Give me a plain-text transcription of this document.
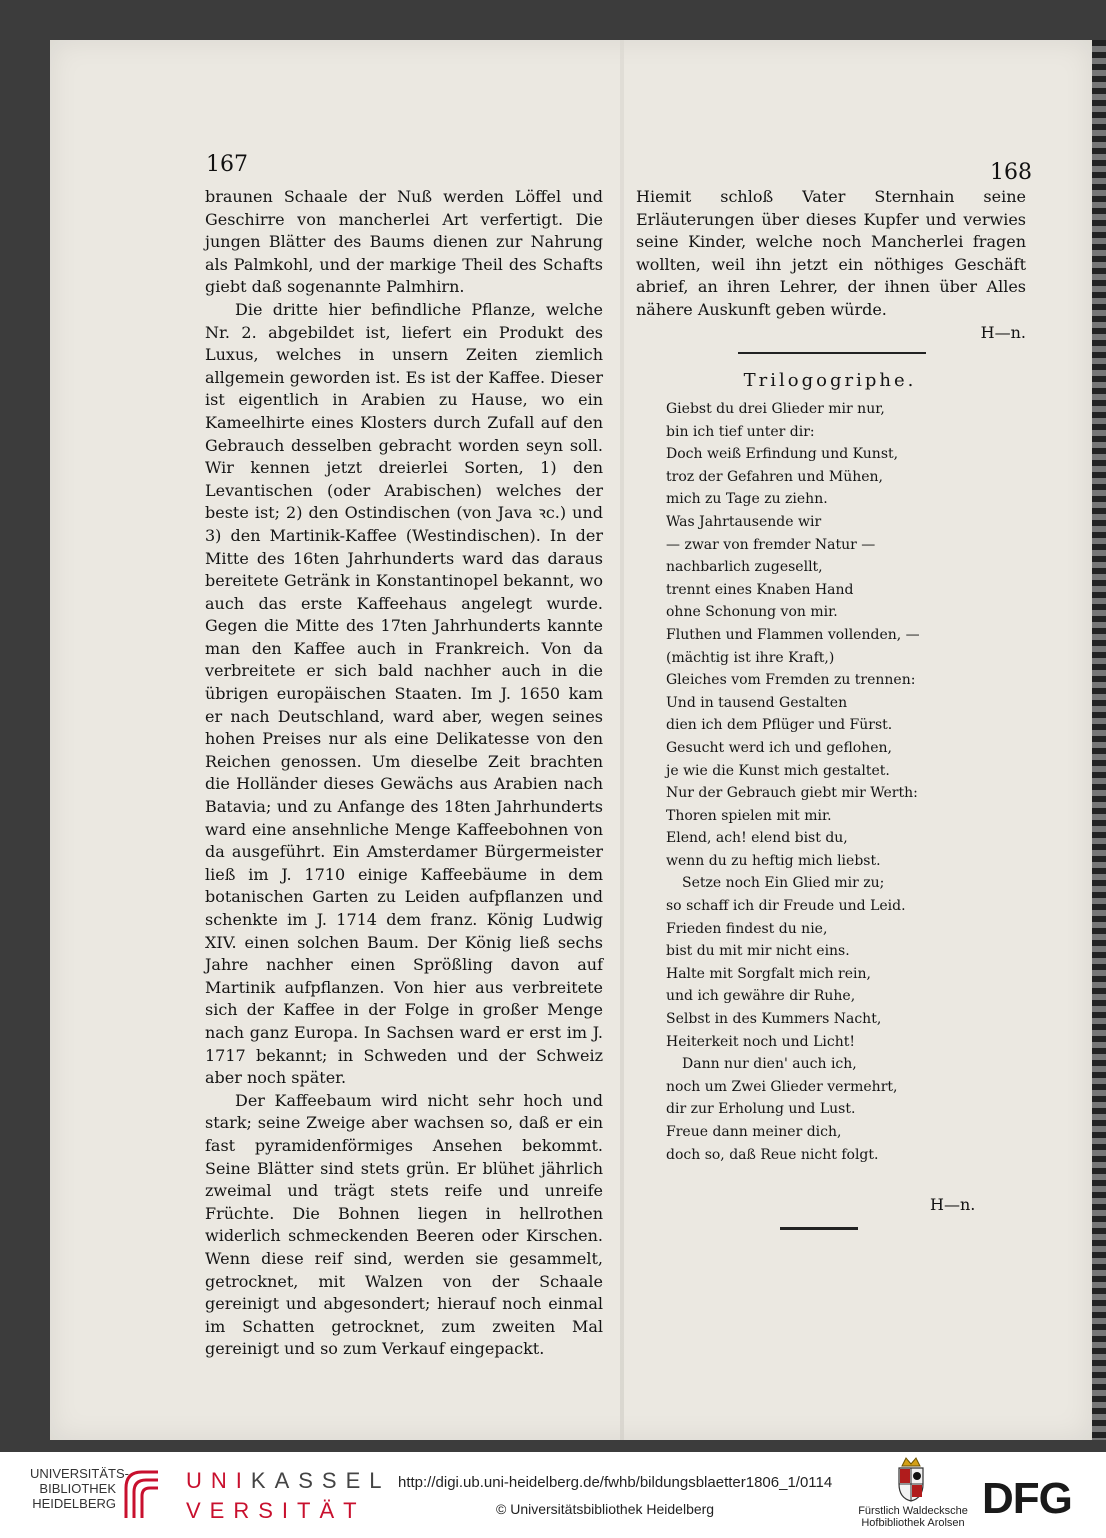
167	168

braunen Schaale der Nuß werden Löffel und Geschirre von mancherlei Art verfertigt. Die jungen Blätter des Baums dienen zur Nahrung als Palmkohl, und der markige Theil des Schafts giebt daß sogenannte Palmhirn.

Die dritte hier befindliche Pflanze, welche Nr. 2. abgebildet ist, liefert ein Produkt des Luxus, welches in unsern Zeiten ziemlich allgemein geworden ist. Es ist der Kaffee. Dieser ist eigentlich in Arabien zu Hause, wo ein Kameelhirte eines Klosters durch Zufall auf den Gebrauch desselben gebracht worden seyn soll. Wir kennen jetzt dreierlei Sorten, 1) den Levantischen (oder Arabischen) welches der beste ist; 2) den Ostindischen (von Java ꝛc.) und 3) den Martinik-Kaffee (Westindischen). In der Mitte des 16ten Jahrhunderts ward das daraus bereitete Getränk in Konstantinopel bekannt, wo auch das erste Kaffeehaus angelegt wurde. Gegen die Mitte des 17ten Jahrhunderts kannte man den Kaffee auch in Frankreich. Von da verbreitete er sich bald nachher auch in die übrigen europäischen Staaten. Im J. 1650 kam er nach Deutschland, ward aber, wegen seines hohen Preises nur als eine Delikatesse von den Reichen genossen. Um dieselbe Zeit brachten die Holländer dieses Gewächs aus Arabien nach Batavia; und zu Anfange des 18ten Jahrhunderts ward eine ansehnliche Menge Kaffeebohnen von da ausgeführt. Ein Amsterdamer Bürgermeister ließ im J. 1710 einige Kaffeebäume in dem botanischen Garten zu Leiden aufpflanzen und schenkte im J. 1714 dem franz. König Ludwig XIV. einen solchen Baum. Der König ließ sechs Jahre nachher einen Sprößling davon auf Martinik aufpflanzen. Von hier aus verbreitete sich der Kaffee in der Folge in großer Menge nach ganz Europa. In Sachsen ward er erst im J. 1717 bekannt; in Schweden und der Schweiz aber noch später.

Der Kaffeebaum wird nicht sehr hoch und stark; seine Zweige aber wachsen so, daß er ein fast pyramidenförmiges Ansehen bekommt. Seine Blätter sind stets grün. Er blühet jährlich zweimal und trägt stets reife und unreife Früchte. Die Bohnen liegen in hellrothen widerlich schmeckenden Beeren oder Kirschen. Wenn diese reif sind, werden sie gesammelt, getrocknet, mit Walzen von der Schaale gereinigt und abgesondert; hierauf noch einmal im Schatten getrocknet, zum zweiten Mal gereinigt und so zum Verkauf eingepackt.

Hiemit schloß Vater Sternhain seine Erläuterungen über dieses Kupfer und verwies seine Kinder, welche noch Mancherlei fragen wollten, weil ihn jetzt ein nöthiges Geschäft abrief, an ihren Lehrer, der ihnen über Alles nähere Auskunft geben würde.

H—n.
Trilogogriphe.
Giebst du drei Glieder mir nur,
bin ich tief unter dir:
Doch weiß Erfindung und Kunst,
troz der Gefahren und Mühen,
mich zu Tage zu ziehn.
Was Jahrtausende wir
— zwar von fremder Natur —
nachbarlich zugesellt,
trennt eines Knaben Hand
ohne Schonung von mir.
Fluthen und Flammen vollenden, —
(mächtig ist ihre Kraft,)
Gleiches vom Fremden zu trennen:
Und in tausend Gestalten
dien ich dem Pflüger und Fürst.
Gesucht werd ich und geflohen,
je wie die Kunst mich gestaltet.
Nur der Gebrauch giebt mir Werth:
Thoren spielen mit mir.
Elend, ach! elend bist du,
wenn du zu heftig mich liebst.
Setze noch Ein Glied mir zu;
so schaff ich dir Freude und Leid.
Frieden findest du nie,
bist du mit mir nicht eins.
Halte mit Sorgfalt mich rein,
und ich gewähre dir Ruhe,
Selbst in des Kummers Nacht,
Heiterkeit noch und Licht!
Dann nur dien' auch ich,
noch um Zwei Glieder vermehrt,
dir zur Erholung und Lust.
Freue dann meiner dich,
doch so, daß Reue nicht folgt.
H—n.
UNIVERSITÄTS-
BIBLIOTHEK
HEIDELBERG
UNIKASSEL
VERSITÄT
http://digi.ub.uni-heidelberg.de/fwhb/bildungsblaetter1806_1/0114
© Universitätsbibliothek Heidelberg	Fürstlich Waldecksche
Hofbibliothek Arolsen DFG
